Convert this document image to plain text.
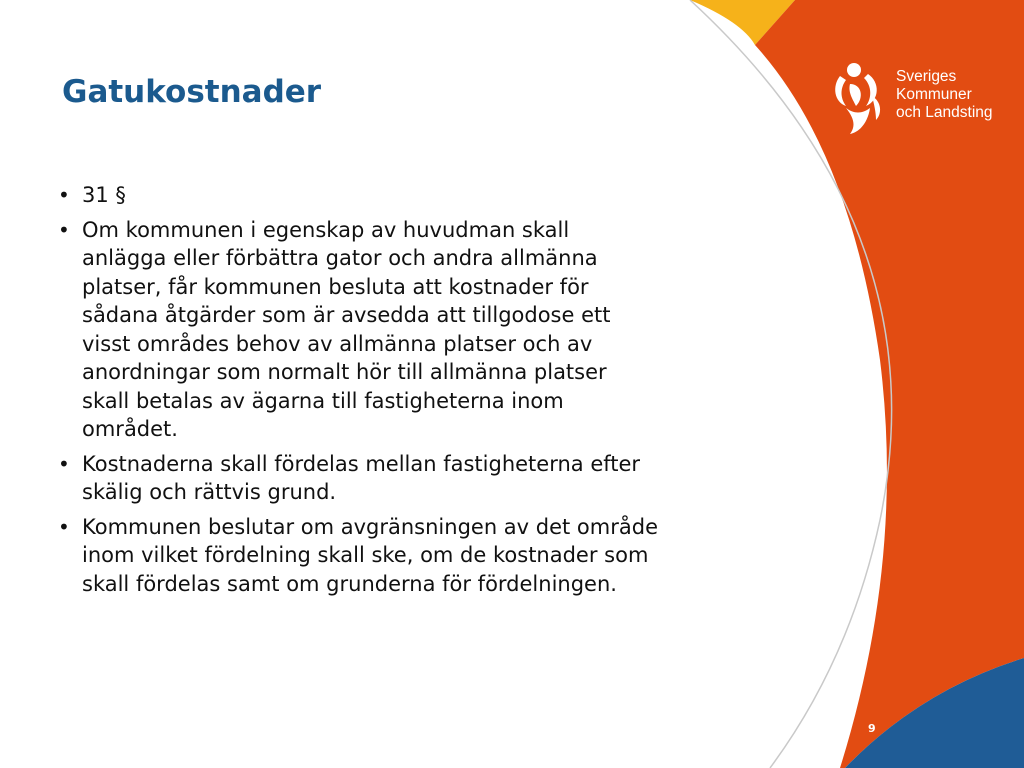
Gatukostnader
• 31 §
• Om kommunen i egenskap av huvudman skall anlägga eller förbättra gator och andra allmänna platser, får kommunen besluta att kostnader för sådana åtgärder som är avsedda att tillgodose ett visst områdes behov av allmänna platser och av anordningar som normalt hör till allmänna platser skall betalas av ägarna till fastigheterna inom området.
• Kostnaderna skall fördelas mellan fastigheterna efter skälig och rättvis grund.
• Kommunen beslutar om avgränsningen av det område inom vilket fördelning skall ske, om de kostnader som skall fördelas samt om grunderna för fördelningen.
Sveriges
Kommuner
och Landsting
9
